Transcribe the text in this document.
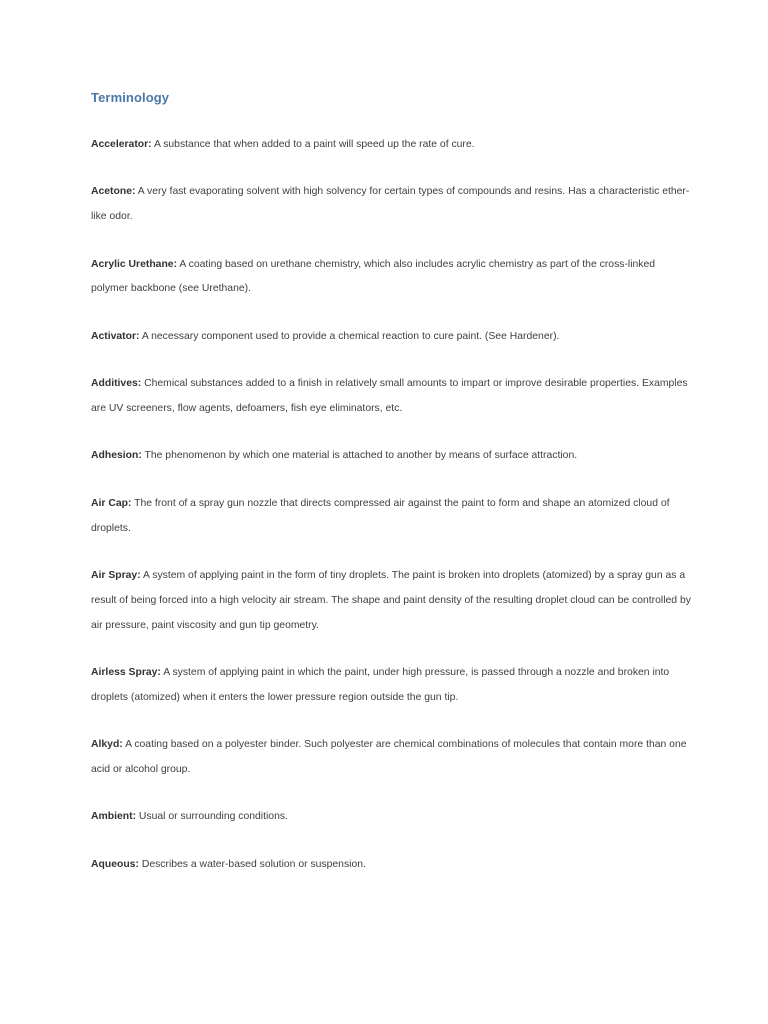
Terminology
Accelerator: A substance that when added to a paint will speed up the rate of cure.
Acetone: A very fast evaporating solvent with high solvency for certain types of compounds and resins. Has a characteristic ether-like odor.
Acrylic Urethane: A coating based on urethane chemistry, which also includes acrylic chemistry as part of the cross-linked polymer backbone (see Urethane).
Activator: A necessary component used to provide a chemical reaction to cure paint. (See Hardener).
Additives: Chemical substances added to a finish in relatively small amounts to impart or improve desirable properties. Examples are UV screeners, flow agents, defoamers, fish eye eliminators, etc.
Adhesion: The phenomenon by which one material is attached to another by means of surface attraction.
Air Cap: The front of a spray gun nozzle that directs compressed air against the paint to form and shape an atomized cloud of droplets.
Air Spray: A system of applying paint in the form of tiny droplets. The paint is broken into droplets (atomized) by a spray gun as a result of being forced into a high velocity air stream. The shape and paint density of the resulting droplet cloud can be controlled by air pressure, paint viscosity and gun tip geometry.
Airless Spray: A system of applying paint in which the paint, under high pressure, is passed through a nozzle and broken into droplets (atomized) when it enters the lower pressure region outside the gun tip.
Alkyd: A coating based on a polyester binder. Such polyester are chemical combinations of molecules that contain more than one acid or alcohol group.
Ambient: Usual or surrounding conditions.
Aqueous: Describes a water-based solution or suspension.
